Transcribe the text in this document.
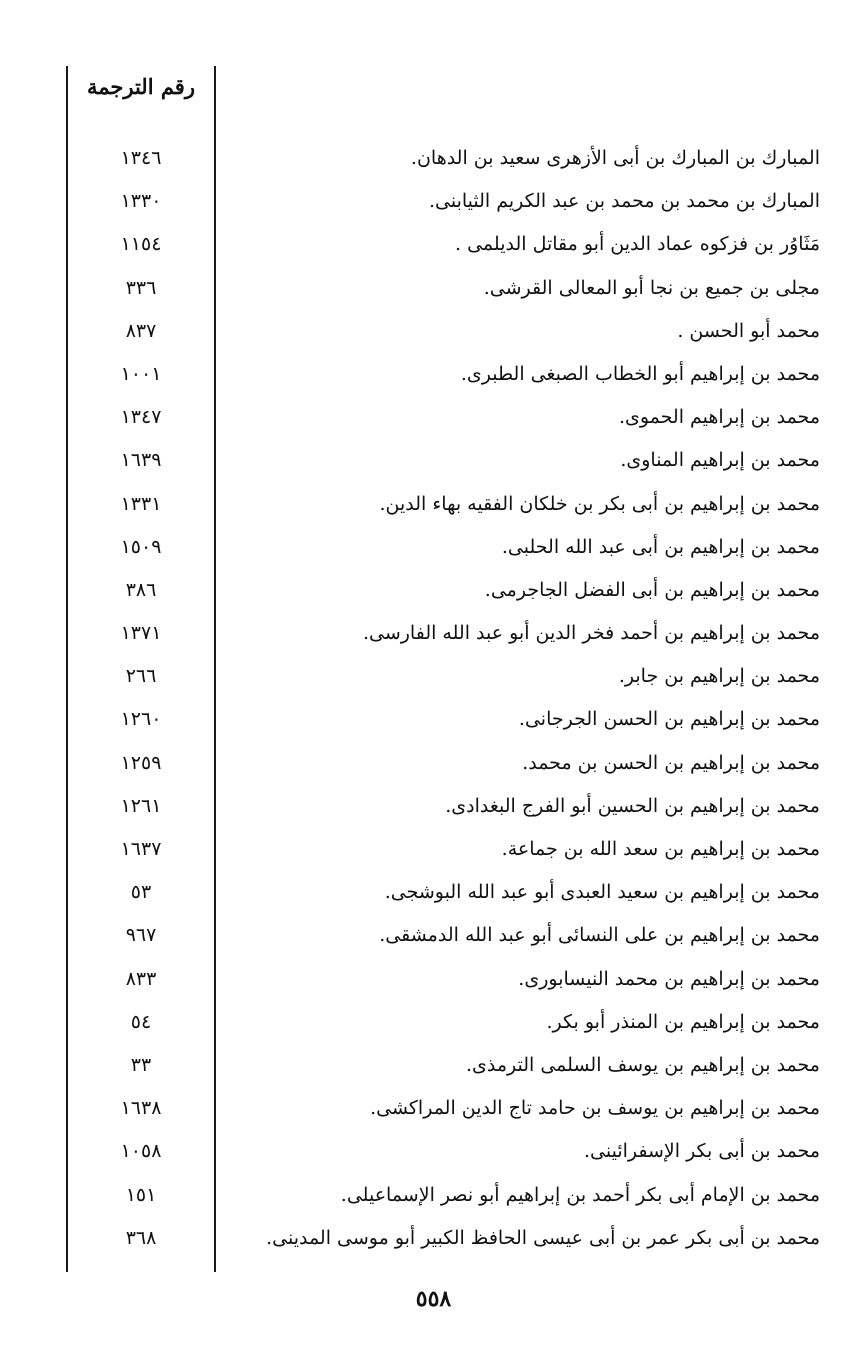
رقم الترجمة
المبارك بن المبارك بن أبى الأزهرى سعيد بن الدهان.
١٣٤٦
المبارك بن محمد بن محمد بن عبد الكريم الثيابنى.
١٣٣٠
مَثَاوُر بن فزكوه عماد الدين أبو مقاتل الديلمى .
١١٥٤
مجلى بن جميع بن نجا أبو المعالى القرشى.
٣٣٦
محمد أبو الحسن .
٨٣٧
محمد بن إبراهيم أبو الخطاب الصبغى الطبرى.
١٠٠١
محمد بن إبراهيم الحموى.
١٣٤٧
محمد بن إبراهيم المناوى.
١٦٣٩
محمد بن إبراهيم بن أبى بكر بن خلكان الفقيه بهاء الدين.
١٣٣١
محمد بن إبراهيم بن أبى عبد الله الحلبى.
١٥٠٩
محمد بن إبراهيم بن أبى الفضل الجاجرمى.
٣٨٦
محمد بن إبراهيم بن أحمد فخر الدين أبو عبد الله الفارسى.
١٣٧١
محمد بن إبراهيم بن جابر.
٢٦٦
محمد بن إبراهيم بن الحسن الجرجانى.
١٢٦٠
محمد بن إبراهيم بن الحسن بن محمد.
١٢٥٩
محمد بن إبراهيم بن الحسين أبو الفرج البغدادى.
١٢٦١
محمد بن إبراهيم بن سعد الله بن جماعة.
١٦٣٧
محمد بن إبراهيم بن سعيد العبدى أبو عبد الله البوشجى.
٥٣
محمد بن إبراهيم بن على النسائى أبو عبد الله الدمشقى.
٩٦٧
محمد بن إبراهيم بن محمد النيسابورى.
٨٣٣
محمد بن إبراهيم بن المنذر أبو بكر.
٥٤
محمد بن إبراهيم بن يوسف السلمى الترمذى.
٣٣
محمد بن إبراهيم بن يوسف بن حامد تاج الدين المراكشى.
١٦٣٨
محمد بن أبى بكر الإسفرائينى.
١٠٥٨
محمد بن الإمام أبى بكر أحمد بن إبراهيم أبو نصر الإسماعيلى.
١٥١
محمد بن أبى بكر عمر بن أبى عيسى الحافظ الكبير أبو موسى المدينى.
٣٦٨
٥٥٨
